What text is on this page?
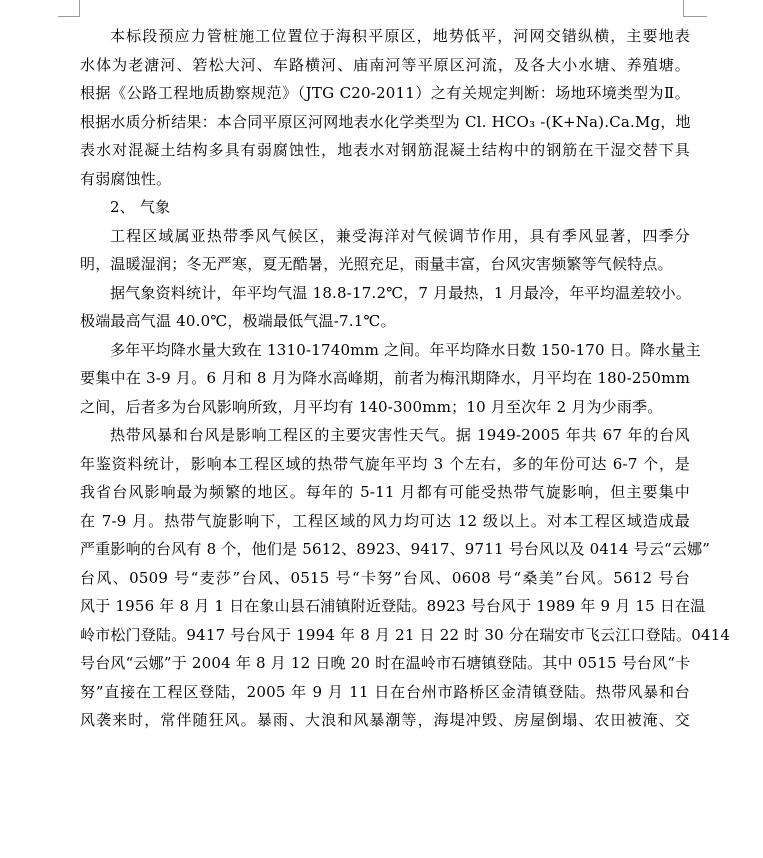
本标段预应力管桩施工位置位于海积平原区，地势低平，河网交错纵横，主要地表
水体为老溏河、箬松大河、车路横河、庙南河等平原区河流，及各大小水塘、养殖塘。
根据《公路工程地质勘察规范》（JTG C20-2011）之有关规定判断：场地环境类型为Ⅱ。
根据水质分析结果：本合同平原区河网地表水化学类型为 Cl. HCO₃ -(K+Na).Ca.Mg，地
表水对混凝土结构多具有弱腐蚀性，地表水对钢筋混凝土结构中的钢筋在干湿交替下具
有弱腐蚀性。
2、 气象
工程区域属亚热带季风气候区，兼受海洋对气候调节作用，具有季风显著，四季分
明，温暖湿润；冬无严寒，夏无酷暑，光照充足，雨量丰富，台风灾害频繁等气候特点。
据气象资料统计，年平均气温 18.8-17.2℃，7 月最热，1 月最冷，年平均温差较小。
极端最高气温 40.0℃，极端最低气温-7.1℃。
多年平均降水量大致在 1310-1740mm 之间。年平均降水日数 150-170 日。降水量主
要集中在 3-9 月。6 月和 8 月为降水高峰期，前者为梅汛期降水，月平均在 180-250mm
之间，后者多为台风影响所致，月平均有 140-300mm；10 月至次年 2 月为少雨季。
热带风暴和台风是影响工程区的主要灾害性天气。据 1949-2005 年共 67 年的台风
年鉴资料统计，影响本工程区域的热带气旋年平均 3 个左右，多的年份可达 6-7 个，是
我省台风影响最为频繁的地区。每年的 5-11 月都有可能受热带气旋影响，但主要集中
在 7-9 月。热带气旋影响下，工程区域的风力均可达 12 级以上。对本工程区域造成最
严重影响的台风有 8 个，他们是 5612、8923、9417、9711 号台风以及 0414 号云“云娜”
台风、0509 号“麦莎”台风、0515 号“卡努”台风、0608 号“桑美”台风。5612 号台
风于 1956 年 8 月 1 日在象山县石浦镇附近登陆。8923 号台风于 1989 年 9 月 15 日在温
岭市松门登陆。9417 号台风于 1994 年 8 月 21 日 22 时 30 分在瑞安市飞云江口登陆。0414
号台风“云娜”于 2004 年 8 月 12 日晚 20 时在温岭市石塘镇登陆。其中 0515 号台风“卡
努”直接在工程区登陆，2005 年 9 月 11 日在台州市路桥区金清镇登陆。热带风暴和台
风袭来时，常伴随狂风。暴雨、大浪和风暴潮等，海堤冲毁、房屋倒塌、农田被淹、交
